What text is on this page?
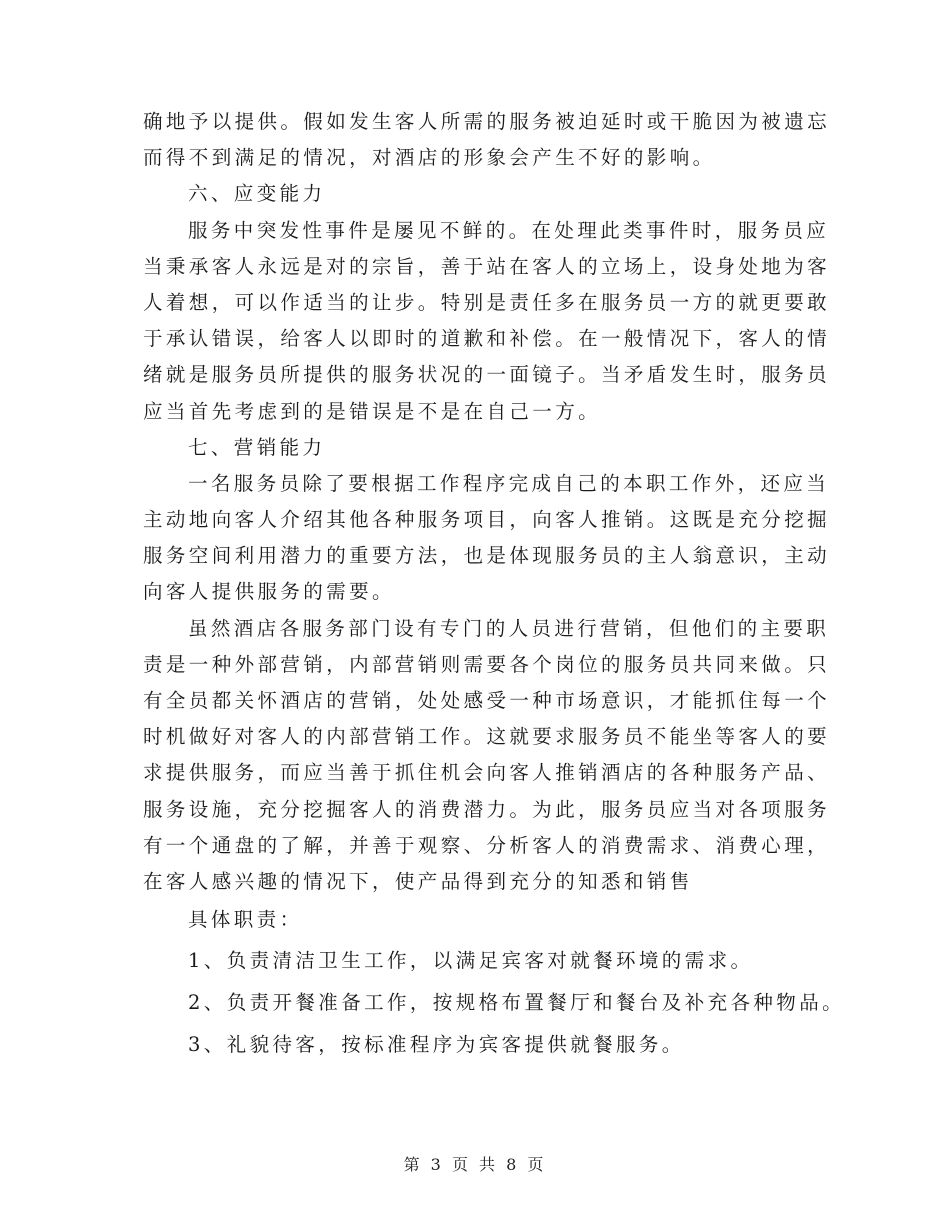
确地予以提供。假如发生客人所需的服务被迫延时或干脆因为被遗忘
而得不到满足的情况，对酒店的形象会产生不好的影响。
六、应变能力
服务中突发性事件是屡见不鲜的。在处理此类事件时，服务员应
当秉承客人永远是对的宗旨，善于站在客人的立场上，设身处地为客
人着想，可以作适当的让步。特别是责任多在服务员一方的就更要敢
于承认错误，给客人以即时的道歉和补偿。在一般情况下，客人的情
绪就是服务员所提供的服务状况的一面镜子。当矛盾发生时，服务员
应当首先考虑到的是错误是不是在自己一方。
七、营销能力
一名服务员除了要根据工作程序完成自己的本职工作外，还应当
主动地向客人介绍其他各种服务项目，向客人推销。这既是充分挖掘
服务空间利用潜力的重要方法，也是体现服务员的主人翁意识，主动
向客人提供服务的需要。
虽然酒店各服务部门设有专门的人员进行营销，但他们的主要职
责是一种外部营销，内部营销则需要各个岗位的服务员共同来做。只
有全员都关怀酒店的营销，处处感受一种市场意识，才能抓住每一个
时机做好对客人的内部营销工作。这就要求服务员不能坐等客人的要
求提供服务，而应当善于抓住机会向客人推销酒店的各种服务产品、
服务设施，充分挖掘客人的消费潜力。为此，服务员应当对各项服务
有一个通盘的了解，并善于观察、分析客人的消费需求、消费心理，
在客人感兴趣的情况下，使产品得到充分的知悉和销售
具体职责：
1、负责清洁卫生工作，以满足宾客对就餐环境的需求。
2、负责开餐准备工作，按规格布置餐厅和餐台及补充各种物品。
3、礼貌待客，按标准程序为宾客提供就餐服务。
第 3 页 共 8 页
